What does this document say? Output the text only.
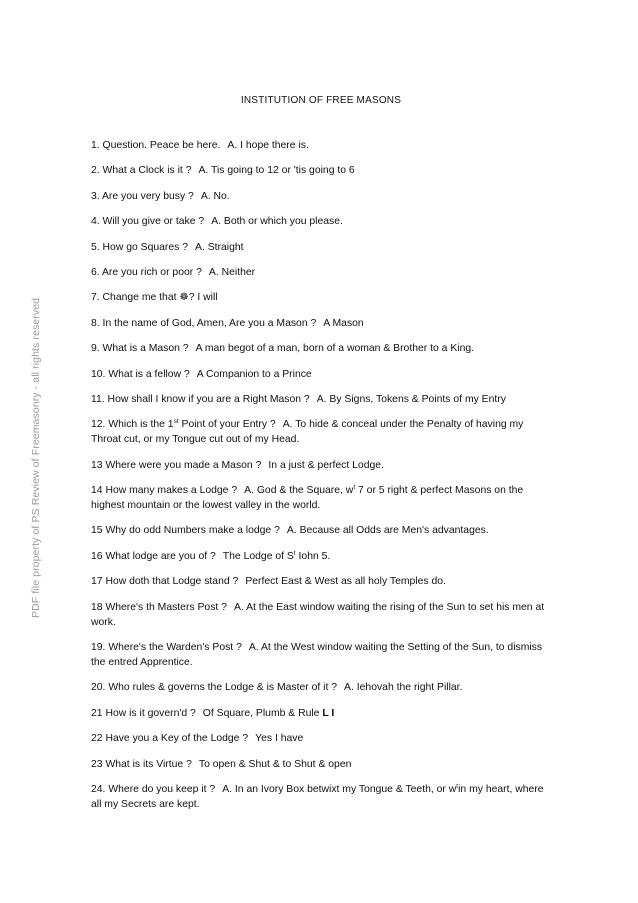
PDF file property of PS Review of Freemasonry - all rights reserved
INSTITUTION OF FREE MASONS
1. Question. Peace be here. A. I hope there is.
2. What a Clock is it ? A. Tis going to 12 or 'tis going to 6
3. Are you very busy ? A. No.
4. Will you give or take ? A. Both or which you please.
5. How go Squares ? A. Straight
6. Are you rich or poor ? A. Neither
7. Change me that ☸? I will
8. In the name of God, Amen, Are you a Mason ? A Mason
9. What is a Mason ? A man begot of a man, born of a woman & Brother to a King.
10. What is a fellow ? A Companion to a Prince
11. How shall I know if you are a Right Mason ? A. By Signs, Tokens & Points of my Entry
12. Which is the 1st Point of your Entry ? A. To hide & conceal under the Penalty of having my Throat cut, or my Tongue cut out of my Head.
13 Where were you made a Mason ? In a just & perfect Lodge.
14 How many makes a Lodge ? A. God & the Square, $w^t$ 7 or 5 right & perfect Masons on the highest mountain or the lowest valley in the world.
15 Why do odd Numbers make a lodge ? A. Because all Odds are Men's advantages.
16 What lodge are you of ? The Lodge of $S^t$ Iohn 5.
17 How doth that Lodge stand ? Perfect East & West as all holy Temples do.
18 Where's th Masters Post ? A. At the East window waiting the rising of the Sun to set his men at work.
19. Where's the Warden's Post ? A. At the West window waiting the Setting of the Sun, to dismiss the entred Apprentice.
20. Who rules & governs the Lodge & is Master of it ? A. Iehovah the right Pillar.
21 How is it govern'd ? Of Square, Plumb & Rule L I
22 Have you a Key of the Lodge ? Yes I have
23 What is its Virtue ? To open & Shut & to Shut & open
24. Where do you keep it ? A. In an Ivory Box betwixt my Tongue & Teeth, or $w^tin$ my heart, where all my Secrets are kept.
